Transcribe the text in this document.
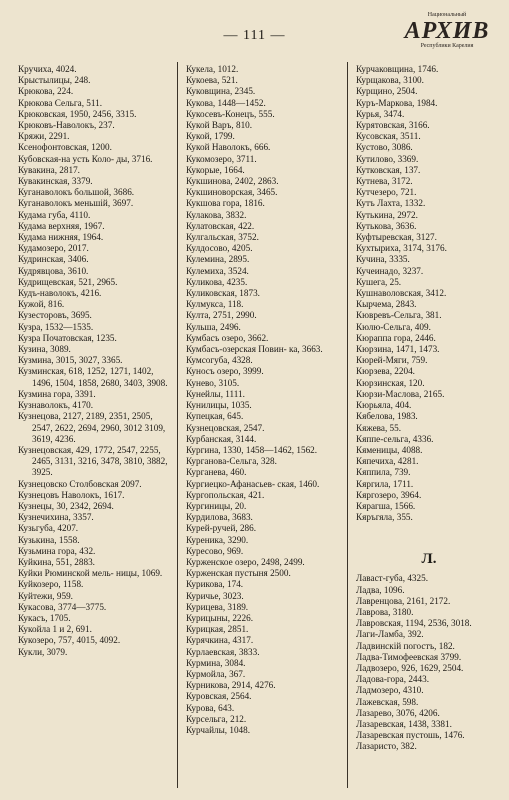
— 111 —
Национальный
АРХИВ
Республики Карелия

Кручиха, 4024.

Крыстылицы, 248.

Крюкова, 224.

Крюкова Сельга, 511.

Крюковская, 1950, 2456, 3315.

Крюковъ-Наволокъ, 237.

Кряжи, 2291.

Ксенофонтовская, 1200.

Кубовская-на усть Коло- ды, 3716.

Кувакина, 2817.

Кувакинская, 3379.

Куганаволокъ большой, 3686.

Куганаволокъ меньшій, 3697.

Кудама губа, 4110.

Кудама верхняя, 1967.

Кудама нижняя, 1964.

Кудамозеро, 2017.

Кудринская, 3406.

Кудрявцова, 3610.

Кудрищевская, 521, 2965.

Кудъ-наволокъ, 4216.

Кужой, 816.

Кузесторовъ, 3695.

Кузра, 1532—1535.

Кузра Початовская, 1235.

Кузина, 3089.

Кузмина, 3015, 3027, 3365.

Кузминская, 618, 1252, 1271, 1402, 1496, 1504, 1858, 2680, 3403, 3908.

Кузмина гора, 3391.

Кузнаволокъ, 4170.

Кузнецова, 2127, 2189, 2351, 2505, 2547, 2622, 2694, 2960, 3012 3109, 3619, 4236.

Кузнецовская, 429, 1772, 2547, 2255, 2465, 3131, 3216, 3478, 3810, 3882, 3925.

Кузнецовско Столбовская 2097.

Кузнецовъ Наволокъ, 1617.

Кузнецы, 30, 2342, 2694.

Кузнечихина, 3357.

Кузьгуба, 4207.

Кузькина, 1558.

Кузьмина гора, 432.

Куйкина, 551, 2883.

Куйки Рюминской мель- ницы, 1069.

Куйкозеро, 1158.

Куйтежи, 959.

Кукасова, 3774—3775.

Кукасъ, 1705.

Кукойла 1 и 2, 691.

Кукозеро, 757, 4015, 4092.

Кукли, 3079.

Кукела, 1012.

Кукоева, 521.

Куковщина, 2345.

Кукова, 1448—1452.

Кукосевъ-Конецъ, 555.

Кукой Варъ, 810.

Кукой, 1799.

Кукой Наволокъ, 666.

Кукомозеро, 3711.

Кукорые, 1664.

Кукшинова, 2402, 2863.

Кукшиноворская, 3465.

Кукшова гора, 1816.

Кулакова, 3832.

Кулатовская, 422.

Кулгальская, 3752.

Кулдосово, 4205.

Кулемина, 2895.

Кулемиха, 3524.

Куликова, 4235.

Куликовская, 1873.

Кулмукса, 118.

Култа, 2751, 2990.

Кульша, 2496.

Кумбасъ озеро, 3662.

Кумбасъ-озерская Повин- ка, 3663.

Кумсогуба, 4328.

Куносъ озеро, 3999.

Кунево, 3105.

Кунейлы, 1111.

Кунилицы, 1035.

Купецкая, 645.

Кузнецовская, 2547.

Курбанская, 3144.

Кургина, 1330, 1458—1462, 1562.

Курганова-Сельга, 328.

Курганева, 460.

Кургиецко-Афанасьев- ская, 1460.

Кургопольская, 421.

Кургиницы, 20.

Курдилова, 3683.

Курей-ручей, 286.

Куреника, 3290.

Куресово, 969.

Курженское озеро, 2498, 2499.

Курженская пустыня 2500.

Курикова, 174.

Куричье, 3023.

Курицева, 3189.

Курицыны, 2226.

Курицкая, 2851.

Курячкина, 4317.

Курлаевская, 3833.

Курмина, 3084.

Курмойла, 367.

Курникова, 2914, 4276.

Куровская, 2564.

Курова, 643.

Курсельга, 212.

Курчайлы, 1048.

Курчаковщина, 1746.

Курщакова, 3100.

Курщино, 2504.

Куръ-Маркова, 1984.

Курья, 3474.

Курятовская, 3166.

Кусовская, 3511.

Кустово, 3086.

Кутилово, 3369.

Кутковская, 137.

Кутнева, 3172.

Кутчезеро, 721.

Кутъ Лахта, 1332.

Кутькина, 2972.

Кутькова, 3636.

Куфтыревская, 3127.

Кухтыриха, 3174, 3176.

Кучина, 3335.

Кучеинадо, 3237.

Кушега, 25.

Кушнаволовская, 3412.

Кырчема, 2843.

Кювревъ-Сельга, 381.

Кюлю-Сельга, 409.

Кюраппа гора, 2446.

Кюрзина, 1471, 1473.

Кюрей-Мяги, 759.

Кюрзева, 2204.

Кюрзинская, 120.

Кюрзи-Маслова, 2165.

Кюрьяла, 404.

Кябелова, 1983.

Кяжева, 55.

Кяппе-сельга, 4336.

Кяменицы, 4088.

Кяпечиха, 4281.

Кяппила, 739.

Кяргила, 1711.

Кяргозеро, 3964.

Кярагша, 1566.

Кяръгяла, 355.

Л.

Лаваст-губа, 4325.

Ладва, 1096.

Лавренцова, 2161, 2172.

Лаврова, 3180.

Лавровская, 1194, 2536, 3018.

Лаги-Ламба, 392.

Ладвинскій погостъ, 182.

Ладва-Тимофеевская 3799.

Ладвозеро, 926, 1629, 2504.

Ладова-гора, 2443.

Ладмозеро, 4310.

Лажевская, 598.

Лазарево, 3076, 4206.

Лазаревская, 1438, 3381.

Лазаревская пустошь, 1476.

Лазаристо, 382.
